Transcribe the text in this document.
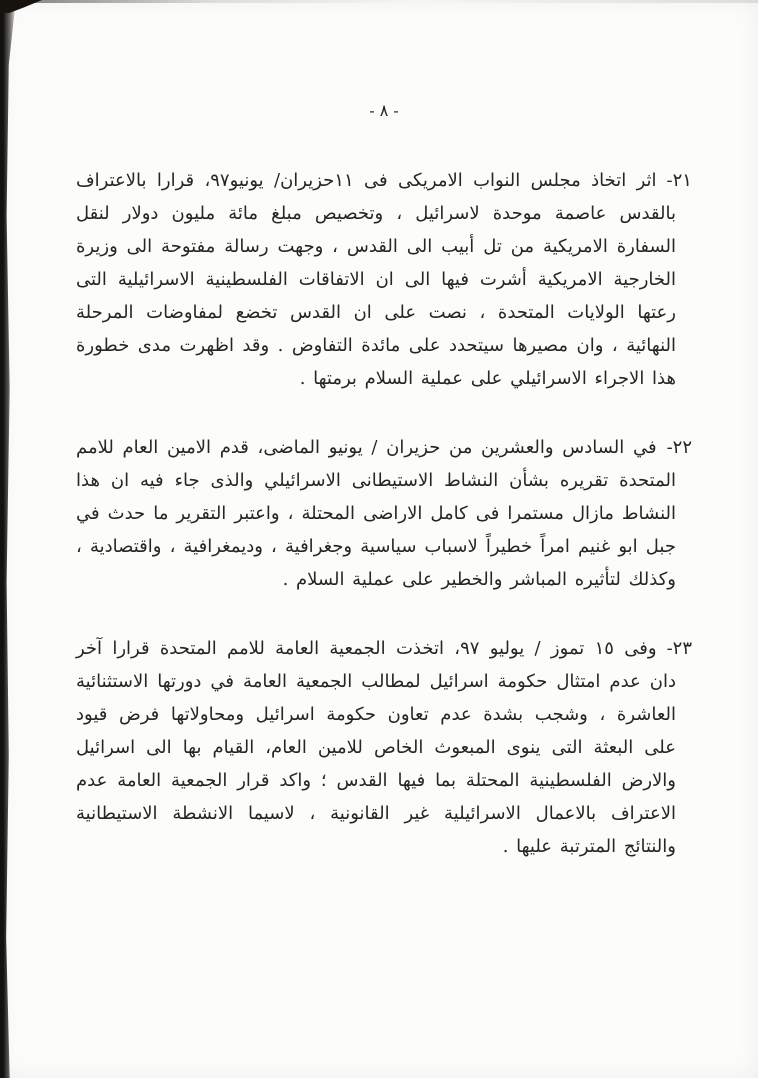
- ٨ -
٢١-اثر اتخاذ مجلس النواب الامريكى فى ١١حزيران/ يونيو٩٧، قرارا بالاعتراف بالقدس عاصمة موحدة لاسرائيل ، وتخصيص مبلغ مائة مليون دولار لنقل السفارة الامريكية من تل أبيب الى القدس ، وجهت رسالة مفتوحة الى وزيرة الخارجية الامريكية أشرت فيها الى ان الاتفاقات الفلسطينية الاسرائيلية التى رعتها الولايات المتحدة ، نصت على ان القدس تخضع لمفاوضات المرحلة النهائية ، وان مصيرها سيتحدد على مائدة التفاوض . وقد اظهرت مدى خطورة هذا الاجراء الاسرائيلي على عملية السلام برمتها .
٢٢-في السادس والعشرين من حزيران / يونيو الماضى، قدم الامين العام للامم المتحدة تقريره بشأن النشاط الاستيطانى الاسرائيلي والذى جاء فيه ان هذا النشاط مازال مستمرا فى كامل الاراضى المحتلة ، واعتبر التقرير ما حدث في جبل ابو غنيم امراً خطيراً لاسباب سياسية وجغرافية ، وديمغرافية ، واقتصادية ، وكذلك لتأثيره المباشر والخطير على عملية السلام .
٢٣-وفى ١٥ تموز / يوليو ٩٧، اتخذت الجمعية العامة للامم المتحدة قرارا آخر دان عدم امتثال حكومة اسرائيل لمطالب الجمعية العامة في دورتها الاستثنائية العاشرة ، وشجب بشدة عدم تعاون حكومة اسرائيل ومحاولاتها فرض قيود على البعثة التى ينوى المبعوث الخاص للامين العام، القيام بها الى اسرائيل والارض الفلسطينية المحتلة بما فيها القدس ؛ واكد قرار الجمعية العامة عدم الاعتراف بالاعمال الاسرائيلية غير القانونية ، لاسيما الانشطة الاستيطانية والنتائج المترتبة عليها .
